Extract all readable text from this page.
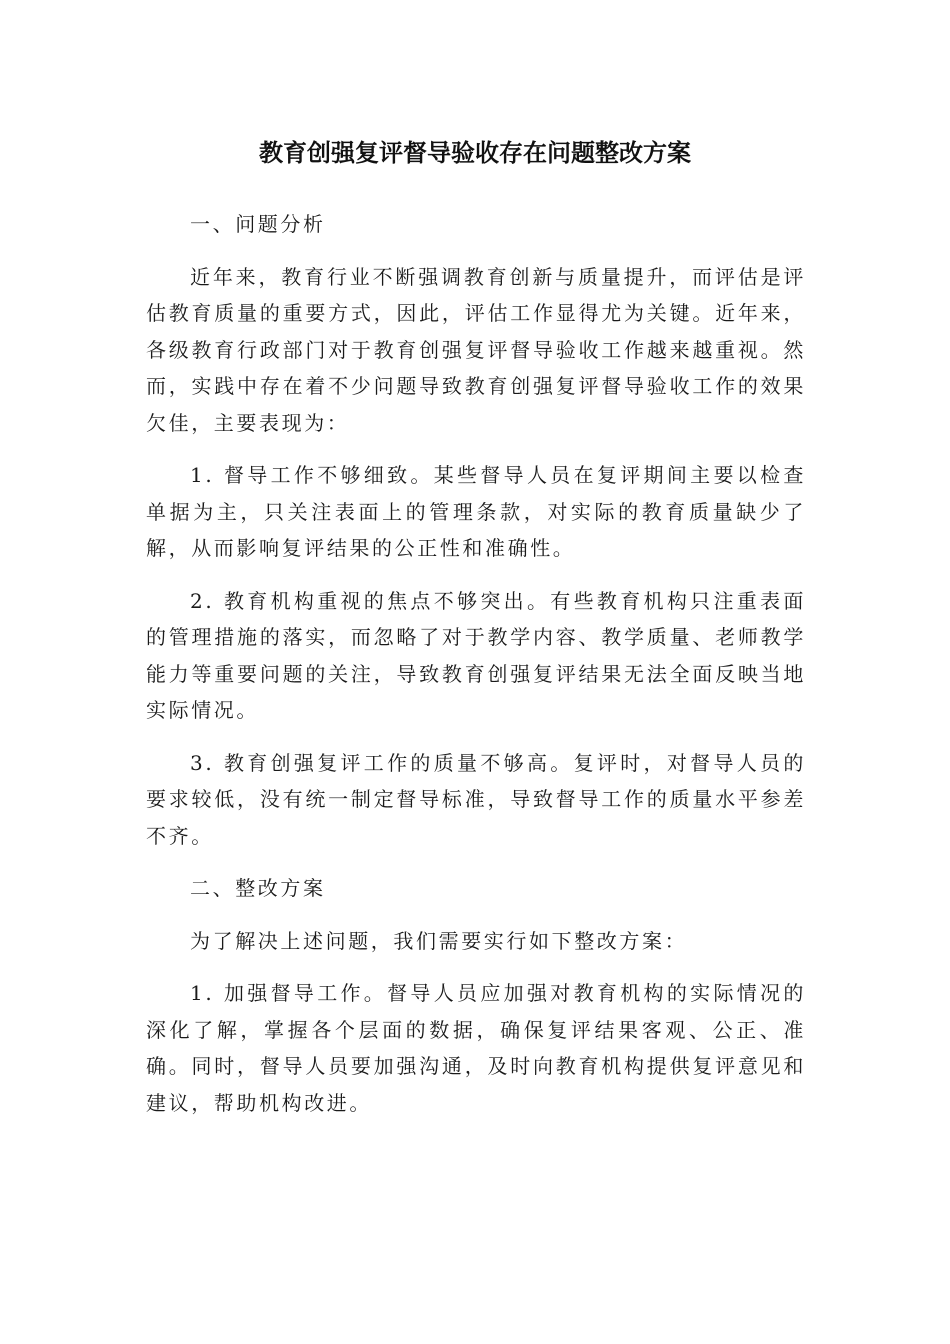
教育创强复评督导验收存在问题整改方案

一、问题分析

近年来，教育行业不断强调教育创新与质量提升，而评估是评估教育质量的重要方式，因此，评估工作显得尤为关键。近年来，各级教育行政部门对于教育创强复评督导验收工作越来越重视。然而，实践中存在着不少问题导致教育创强复评督导验收工作的效果欠佳，主要表现为：

1. 督导工作不够细致。某些督导人员在复评期间主要以检查单据为主，只关注表面上的管理条款，对实际的教育质量缺少了解，从而影响复评结果的公正性和准确性。

2. 教育机构重视的焦点不够突出。有些教育机构只注重表面的管理措施的落实，而忽略了对于教学内容、教学质量、老师教学能力等重要问题的关注，导致教育创强复评结果无法全面反映当地实际情况。

3. 教育创强复评工作的质量不够高。复评时，对督导人员的要求较低，没有统一制定督导标准，导致督导工作的质量水平参差不齐。

二、整改方案

为了解决上述问题，我们需要实行如下整改方案：

1. 加强督导工作。督导人员应加强对教育机构的实际情况的深化了解，掌握各个层面的数据，确保复评结果客观、公正、准确。同时，督导人员要加强沟通，及时向教育机构提供复评意见和建议，帮助机构改进。
